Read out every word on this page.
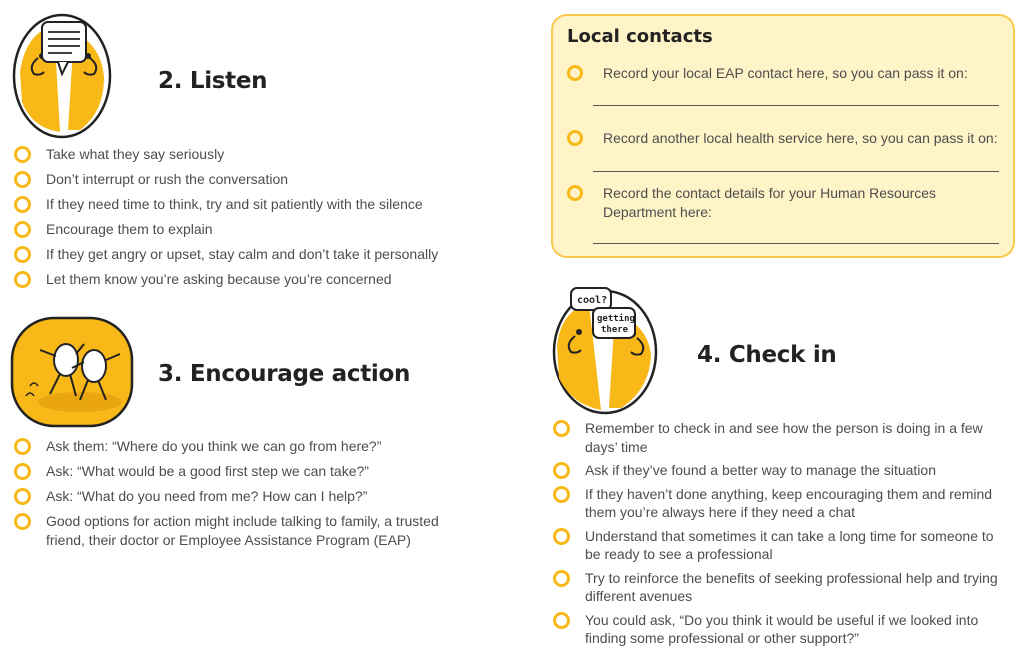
2. Listen
Take what they say seriously
Don’t interrupt or rush the conversation
If they need time to think, try and sit patiently with the silence
Encourage them to explain
If they get angry or upset, stay calm and don’t take it personally
Let them know you’re asking because you’re concerned
3. Encourage action
Ask them: “Where do you think we can go from here?”
Ask: “What would be a good first step we can take?”
Ask: “What do you need from me? How can I help?”
Good options for action might include talking to family, a trusted friend, their doctor or Employee Assistance Program (EAP)
Local contacts
Record your local EAP contact here, so you can pass it on:
Record another local health service here, so you can pass it on:
Record the contact details for your Human Resources Department here:
cool?
getting
there
4. Check in
Remember to check in and see how the person is doing in a few days’ time
Ask if they’ve found a better way to manage the situation
If they haven’t done anything, keep encouraging them and remind them you’re always here if they need a chat
Understand that sometimes it can take a long time for someone to be ready to see a professional
Try to reinforce the benefits of seeking professional help and trying different avenues
You could ask, “Do you think it would be useful if we looked into finding some professional or other support?”
